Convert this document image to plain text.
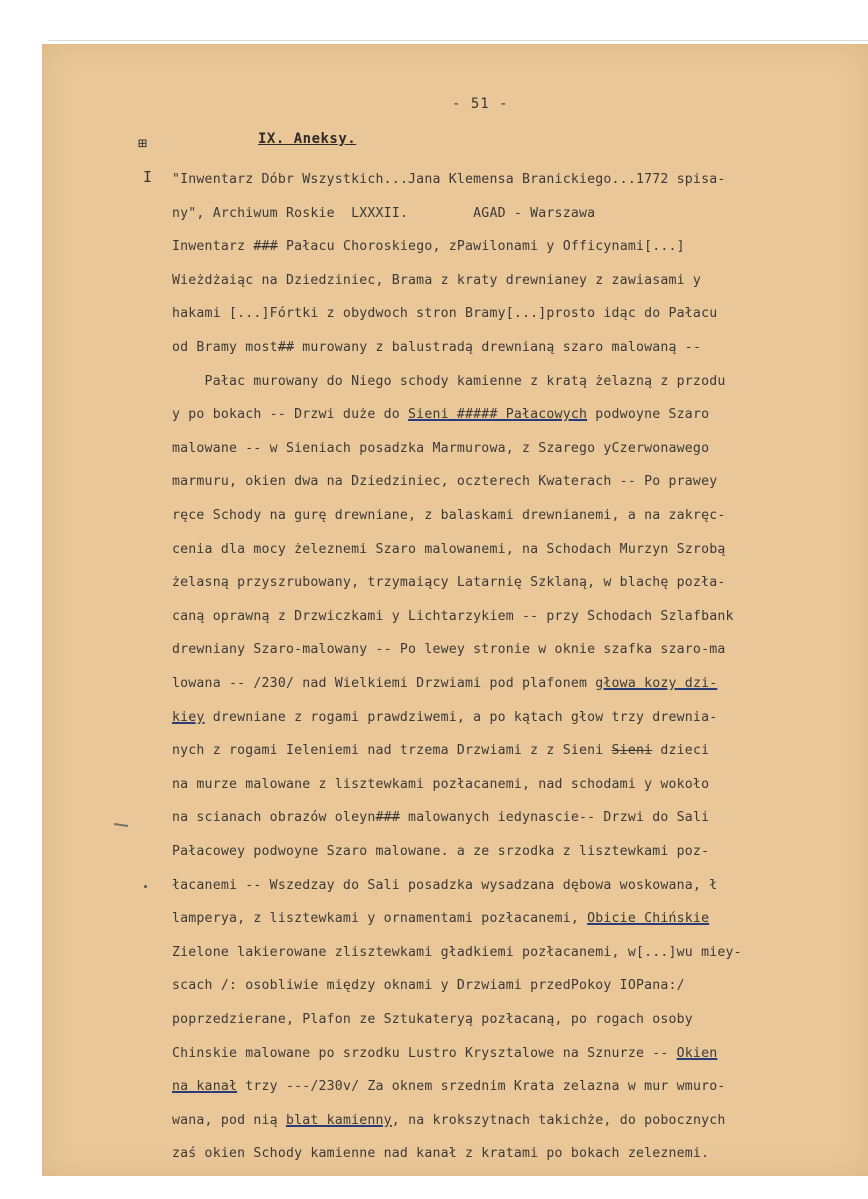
- 51 -
⊞
I
IX. Aneksy.
"Inwentarz Dóbr Wszystkich...Jana Klemensa Branickiego...1772 spisa-
ny", Archiwum Roskie  LXXXII.        AGAD - Warszawa
Inwentarz ### Pałacu Choroskiego, zPawilonami y Officynami[...]
Wieżdżaiąc na Dziedziniec, Brama z kraty drewnianey z zawiasami y
hakami [...]Fórtki z obydwoch stron Bramy[...]prosto idąc do Pałacu
od Bramy most## murowany z balustradą drewnianą szaro malowaną --
Pałac murowany do Niego schody kamienne z kratą żelazną z przodu
y po bokach -- Drzwi duże do Sieni ##### Pałacowych podwoyne Szaro
malowane -- w Sieniach posadzka Marmurowa, z Szarego yCzerwonawego
marmuru, okien dwa na Dziedziniec, oczterech Kwaterach -- Po prawey
ręce Schody na gurę drewniane, z balaskami drewnianemi, a na zakręc-
cenia dla mocy żeleznemi Szaro malowanemi, na Schodach Murzyn Szrobą
żelasną przyszrubowany, trzymaiący Latarnię Szklaną, w blachę pozła-
caną oprawną z Drzwiczkami y Lichtarzykiem -- przy Schodach Szlafbank
drewniany Szaro-malowany -- Po lewey stronie w oknie szafka szaro-ma
lowana -- /230/ nad Wielkiemi Drzwiami pod plafonem głowa kozy dzi-
kiey drewniane z rogami prawdziwemi, a po kątach głow trzy drewnia-
nych z rogami Ieleniemi nad trzema Drzwiami z z Sieni Sieni dzieci
na murze malowane z lisztewkami pozłacanemi, nad schodami y wokoło
na scianach obrazów oleyn### malowanych iedynascie-- Drzwi do Sali
Pałacowey podwoyne Szaro malowane. a ze srzodka z lisztewkami poz-
łacanemi -- Wszedzay do Sali posadzka wysadzana dębowa woskowana, ł
lamperya, z lisztewkami y ornamentami pozłacanemi, Obicie Chińskie
Zielone lakierowane zlisztewkami gładkiemi pozłacanemi, w[...]wu miey-
scach /: osobliwie między oknami y Drzwiami przedPokoy IOPana:/
poprzedzierane, Plafon ze Sztukateryą pozłacaną, po rogach osoby
Chinskie malowane po srzodku Lustro Krysztalowe na Sznurze -- Okien
na kanał trzy ---/230v/ Za oknem srzednim Krata zelazna w mur wmuro-
wana, pod nią blat kamienny, na krokszytnach takichże, do pobocznych
zaś okien Schody kamienne nad kanał z kratami po bokach zeleznemi.
